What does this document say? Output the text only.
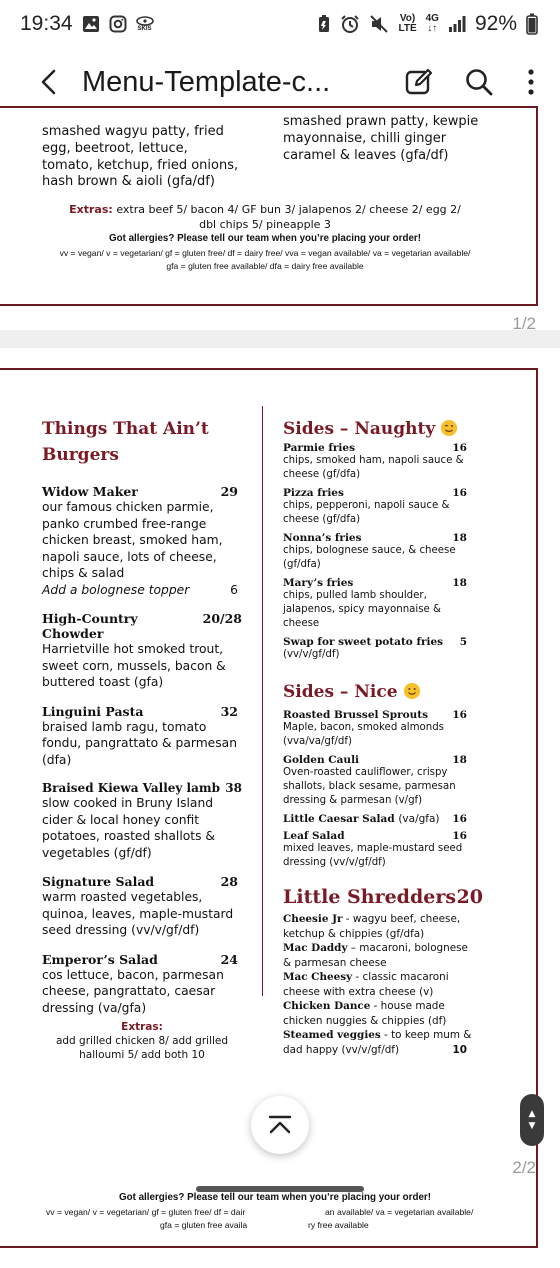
19:34	SKIS
Vo)
LTE
4G
↓↑ 92%
Menu-Template-c...
smashed wagyu patty, fried egg, beetroot, lettuce, tomato, ketchup, fried onions, hash brown & aioli (gfa/df)
smashed prawn patty, kewpie mayonnaise, chilli ginger caramel & leaves (gfa/df)
Extras: extra beef 5/ bacon 4/ GF bun 3/ jalapenos 2/ cheese 2/ egg 2/ dbl chips 5/ pineapple 3
Got allergies? Please tell our team when you’re placing your order!
vv = vegan/ v = vegetarian/ gf = gluten free/ df = dairy free/ vva = vegan available/ va = vegetarian available/
gfa = gluten free available/ dfa = dairy free available
1/2
Things That Ain’t Burgers
Widow Maker	29
our famous chicken parmie, panko crumbed free-range chicken breast, smoked ham, napoli sauce, lots of cheese, chips & salad
Add a bolognese topper	6
High-Country Chowder
20/28
Harrietville hot smoked trout, sweet corn, mussels, bacon & buttered toast (gfa)
Linguini Pasta	32
braised lamb ragu, tomato fondu, pangrattato & parmesan (dfa)
Braised Kiewa Valley lamb 38
slow cooked in Bruny Island cider & local honey confit potatoes, roasted shallots & vegetables (gf/df)
Signature Salad	28
warm roasted vegetables, quinoa, leaves, maple-mustard seed dressing (vv/v/gf/df)
Emperor’s Salad	24
cos lettuce, bacon, parmesan cheese, pangrattato, caesar dressing (va/gfa)
Extras:
add grilled chicken 8/ add grilled halloumi 5/ add both 10
Sides – Naughty
Parmie fries	16
chips, smoked ham, napoli sauce & cheese (gf/dfa)
Pizza fries	16
chips, pepperoni, napoli sauce & cheese (gf/dfa)
Nonna’s fries	18
chips, bolognese sauce, & cheese (gf/dfa)
Mary’s fries	18
chips, pulled lamb shoulder, jalapenos, spicy mayonnaise & cheese
Swap for sweet potato fries 5
(vv/v/gf/df)
Sides – Nice
Roasted Brussel Sprouts 16
Maple, bacon, smoked almonds (vva/va/gf/df)
Golden Cauli	18
Oven-roasted cauliflower, crispy shallots, black sesame, parmesan dressing & parmesan (v/gf)
Little Caesar Salad (va/gfa) 16
Leaf Salad	16
mixed leaves, maple-mustard seed dressing (vv/v/gf/df)
Little Shredders 20
Cheesie Jr - wagyu beef, cheese, ketchup & chippies (gf/dfa)
Mac Daddy – macaroni, bolognese & parmesan cheese
Mac Cheesy - classic macaroni cheese with extra cheese (v)
Chicken Dance - house made chicken nuggies & chippies (df)
Steamed veggies - to keep mum & dad happy (vv/v/gf/df)	10
Got allergies? Please tell our team when you’re placing your order!
vv = vegan/ v = vegetarian/ gf = gluten free/ df = dair	an available/ va = vegetarian available/
gfa = gluten free availa	ry free available
2/2
▲
▼
